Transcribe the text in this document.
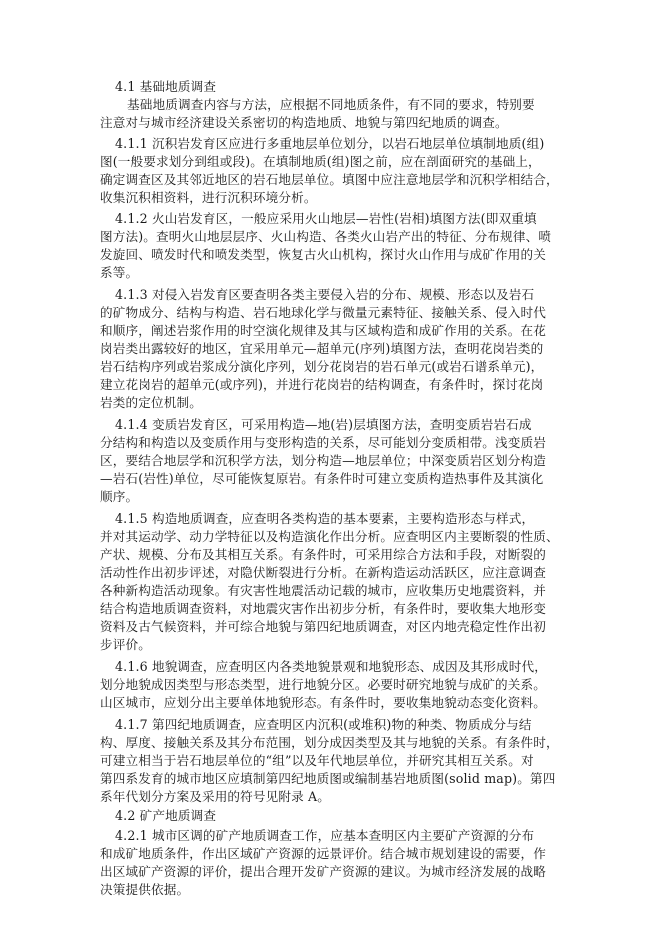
4.1 基础地质调查
基础地质调查内容与方法，应根据不同地质条件，有不同的要求，特别要
注意对与城市经济建设关系密切的构造地质、地貌与第四纪地质的调查。
4.1.1 沉积岩发育区应进行多重地层单位划分，以岩石地层单位填制地质(组)
图(一般要求划分到组或段)。在填制地质(组)图之前，应在剖面研究的基础上，
确定调查区及其邻近地区的岩石地层单位。填图中应注意地层学和沉积学相结合，
收集沉积相资料，进行沉积环境分析。
4.1.2 火山岩发育区，一般应采用火山地层—岩性(岩相)填图方法(即双重填
图方法)。查明火山地层层序、火山构造、各类火山岩产出的特征、分布规律、喷
发旋回、喷发时代和喷发类型，恢复古火山机构，探讨火山作用与成矿作用的关
系等。
4.1.3 对侵入岩发育区要查明各类主要侵入岩的分布、规模、形态以及岩石
的矿物成分、结构与构造、岩石地球化学与微量元素特征、接触关系、侵入时代
和顺序，阐述岩浆作用的时空演化规律及其与区域构造和成矿作用的关系。在花
岗岩类出露较好的地区，宜采用单元—超单元(序列)填图方法，查明花岗岩类的
岩石结构序列或岩浆成分演化序列，划分花岗岩的岩石单元(或岩石谱系单元)，
建立花岗岩的超单元(或序列)，并进行花岗岩的结构调查，有条件时，探讨花岗
岩类的定位机制。
4.1.4 变质岩发育区，可采用构造—地(岩)层填图方法，查明变质岩岩石成
分结构和构造以及变质作用与变形构造的关系，尽可能划分变质相带。浅变质岩
区，要结合地层学和沉积学方法，划分构造—地层单位；中深变质岩区划分构造
—岩石(岩性)单位，尽可能恢复原岩。有条件时可建立变质构造热事件及其演化
顺序。
4.1.5 构造地质调查，应查明各类构造的基本要素，主要构造形态与样式，
并对其运动学、动力学特征以及构造演化作出分析。应查明区内主要断裂的性质、
产状、规模、分布及其相互关系。有条件时，可采用综合方法和手段，对断裂的
活动性作出初步评述，对隐伏断裂进行分析。在新构造运动活跃区，应注意调查
各种新构造活动现象。有灾害性地震活动记载的城市，应收集历史地震资料，并
结合构造地质调查资料，对地震灾害作出初步分析，有条件时，要收集大地形变
资料及古气候资料，并可综合地貌与第四纪地质调查，对区内地壳稳定性作出初
步评价。
4.1.6 地貌调查，应查明区内各类地貌景观和地貌形态、成因及其形成时代，
划分地貌成因类型与形态类型，进行地貌分区。必要时研究地貌与成矿的关系。
山区城市，应划分出主要单体地貌形态。有条件时，要收集地貌动态变化资料。
4.1.7 第四纪地质调查，应查明区内沉积(或堆积)物的种类、物质成分与结
构、厚度、接触关系及其分布范围，划分成因类型及其与地貌的关系。有条件时，
可建立相当于岩石地层单位的“组”以及年代地层单位，并研究其相互关系。对
第四系发育的城市地区应填制第四纪地质图或编制基岩地质图(solid map)。第四
系年代划分方案及采用的符号见附录 A。
4.2 矿产地质调查
4.2.1 城市区调的矿产地质调查工作，应基本查明区内主要矿产资源的分布
和成矿地质条件，作出区域矿产资源的远景评价。结合城市规划建设的需要，作
出区域矿产资源的评价，提出合理开发矿产资源的建议。为城市经济发展的战略
决策提供依据。
